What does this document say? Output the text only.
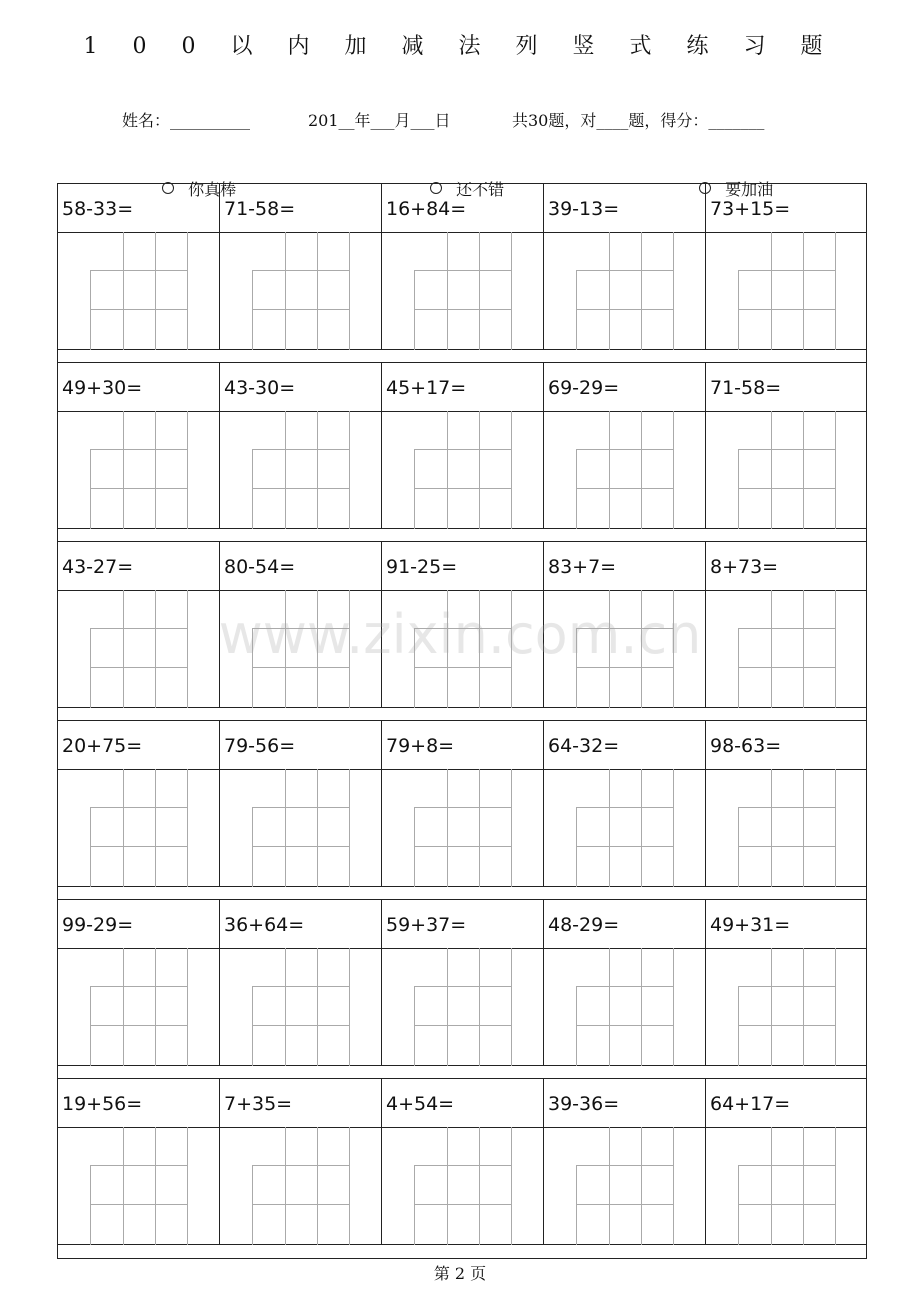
1 0 0 以 内 加 减 法 列 竖 式 练 习 题
姓名：__________	201__年___月___日	共30题，对____题，得分：_______

你真棒	还不错	要加油

58-33=	71-58=	16+84=	39-13=	73+15=
49+30=	43-30=	45+17=	69-29=	71-58=
43-27=	80-54=	91-25=	83+7=	8+73=
20+75=	79-56=	79+8=	64-32=	98-63=
99-29=	36+64=	59+37=	48-29=	49+31=
19+56=	7+35=	4+54=	39-36=	64+17=
www.zixin.com.cn
第 2 页
